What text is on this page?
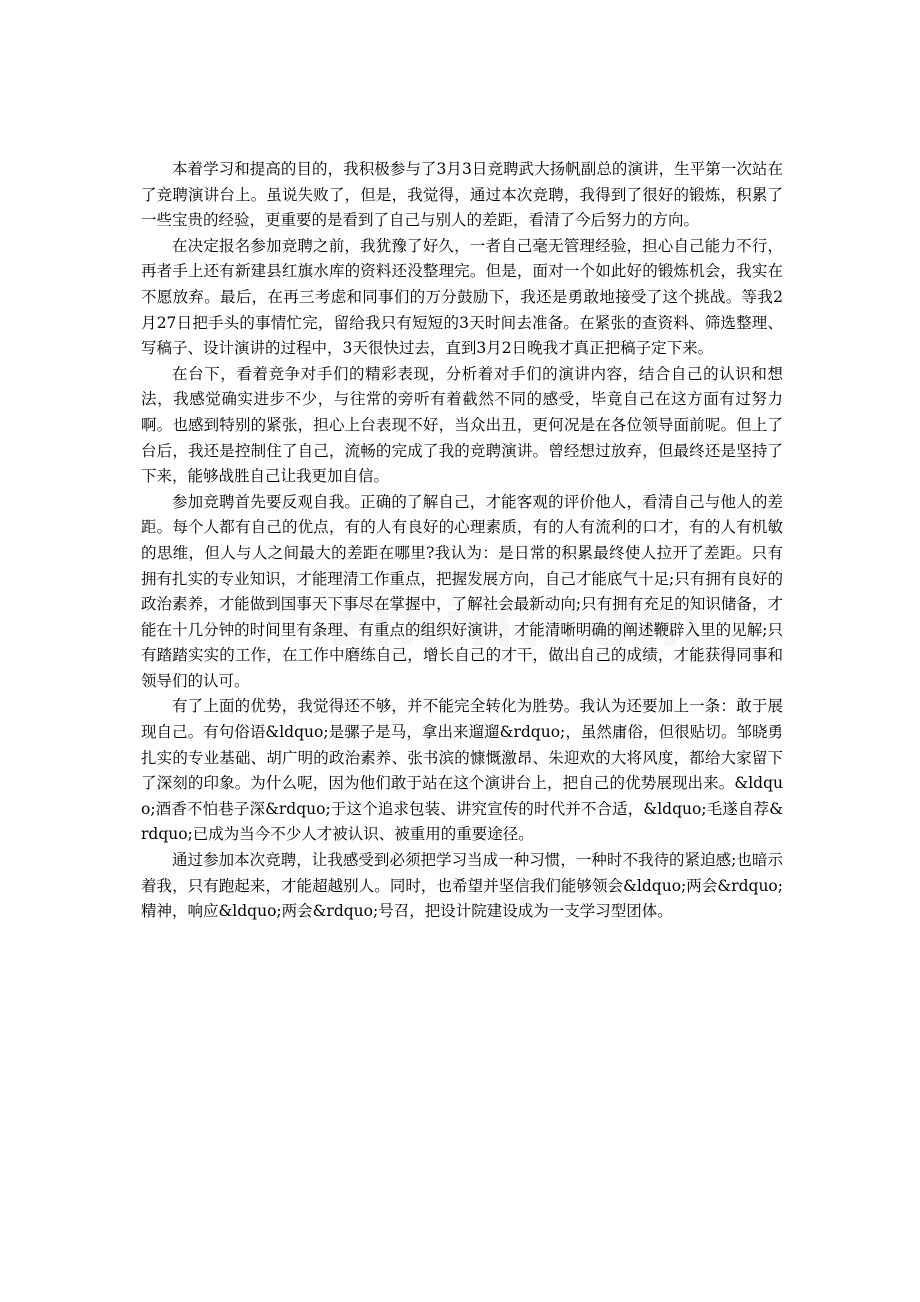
本着学习和提高的目的，我积极参与了3月3日竞聘武大扬帆副总的演讲，生平第一次站在了竞聘演讲台上。虽说失败了，但是，我觉得，通过本次竞聘，我得到了很好的锻炼，积累了一些宝贵的经验，更重要的是看到了自己与别人的差距，看清了今后努力的方向。

在决定报名参加竞聘之前，我犹豫了好久，一者自己毫无管理经验，担心自己能力不行，再者手上还有新建县红旗水库的资料还没整理完。但是，面对一个如此好的锻炼机会，我实在不愿放弃。最后，在再三考虑和同事们的万分鼓励下，我还是勇敢地接受了这个挑战。等我2月27日把手头的事情忙完，留给我只有短短的3天时间去准备。在紧张的查资料、筛选整理、写稿子、设计演讲的过程中，3天很快过去，直到3月2日晚我才真正把稿子定下来。

在台下，看着竞争对手们的精彩表现，分析着对手们的演讲内容，结合自己的认识和想法，我感觉确实进步不少，与往常的旁听有着截然不同的感受，毕竟自己在这方面有过努力啊。也感到特别的紧张，担心上台表现不好，当众出丑，更何况是在各位领导面前呢。但上了台后，我还是控制住了自己，流畅的完成了我的竞聘演讲。曾经想过放弃，但最终还是坚持了下来，能够战胜自己让我更加自信。

参加竞聘首先要反观自我。正确的了解自己，才能客观的评价他人，看清自己与他人的差距。每个人都有自己的优点，有的人有良好的心理素质，有的人有流利的口才，有的人有机敏的思维，但人与人之间最大的差距在哪里?我认为：是日常的积累最终使人拉开了差距。只有拥有扎实的专业知识，才能理清工作重点，把握发展方向，自己才能底气十足;只有拥有良好的政治素养，才能做到国事天下事尽在掌握中，了解社会最新动向;只有拥有充足的知识储备，才能在十几分钟的时间里有条理、有重点的组织好演讲，才能清晰明确的阐述鞭辟入里的见解;只有踏踏实实的工作，在工作中磨练自己，增长自己的才干，做出自己的成绩，才能获得同事和领导们的认可。

有了上面的优势，我觉得还不够，并不能完全转化为胜势。我认为还要加上一条：敢于展现自己。有句俗语&ldquo;是骡子是马，拿出来遛遛&rdquo;，虽然庸俗，但很贴切。邹晓勇扎实的专业基础、胡广明的政治素养、张书滨的慷慨激昂、朱迎欢的大将风度，都给大家留下了深刻的印象。为什么呢，因为他们敢于站在这个演讲台上，把自己的优势展现出来。&ldquo;酒香不怕巷子深&rdquo;于这个追求包装、讲究宣传的时代并不合适，&ldquo;毛遂自荐&rdquo;已成为当今不少人才被认识、被重用的重要途径。

通过参加本次竞聘，让我感受到必须把学习当成一种习惯，一种时不我待的紧迫感;也暗示着我，只有跑起来，才能超越别人。同时，也希望并坚信我们能够领会&ldquo;两会&rdquo;精神，响应&ldquo;两会&rdquo;号召，把设计院建设成为一支学习型团体。
